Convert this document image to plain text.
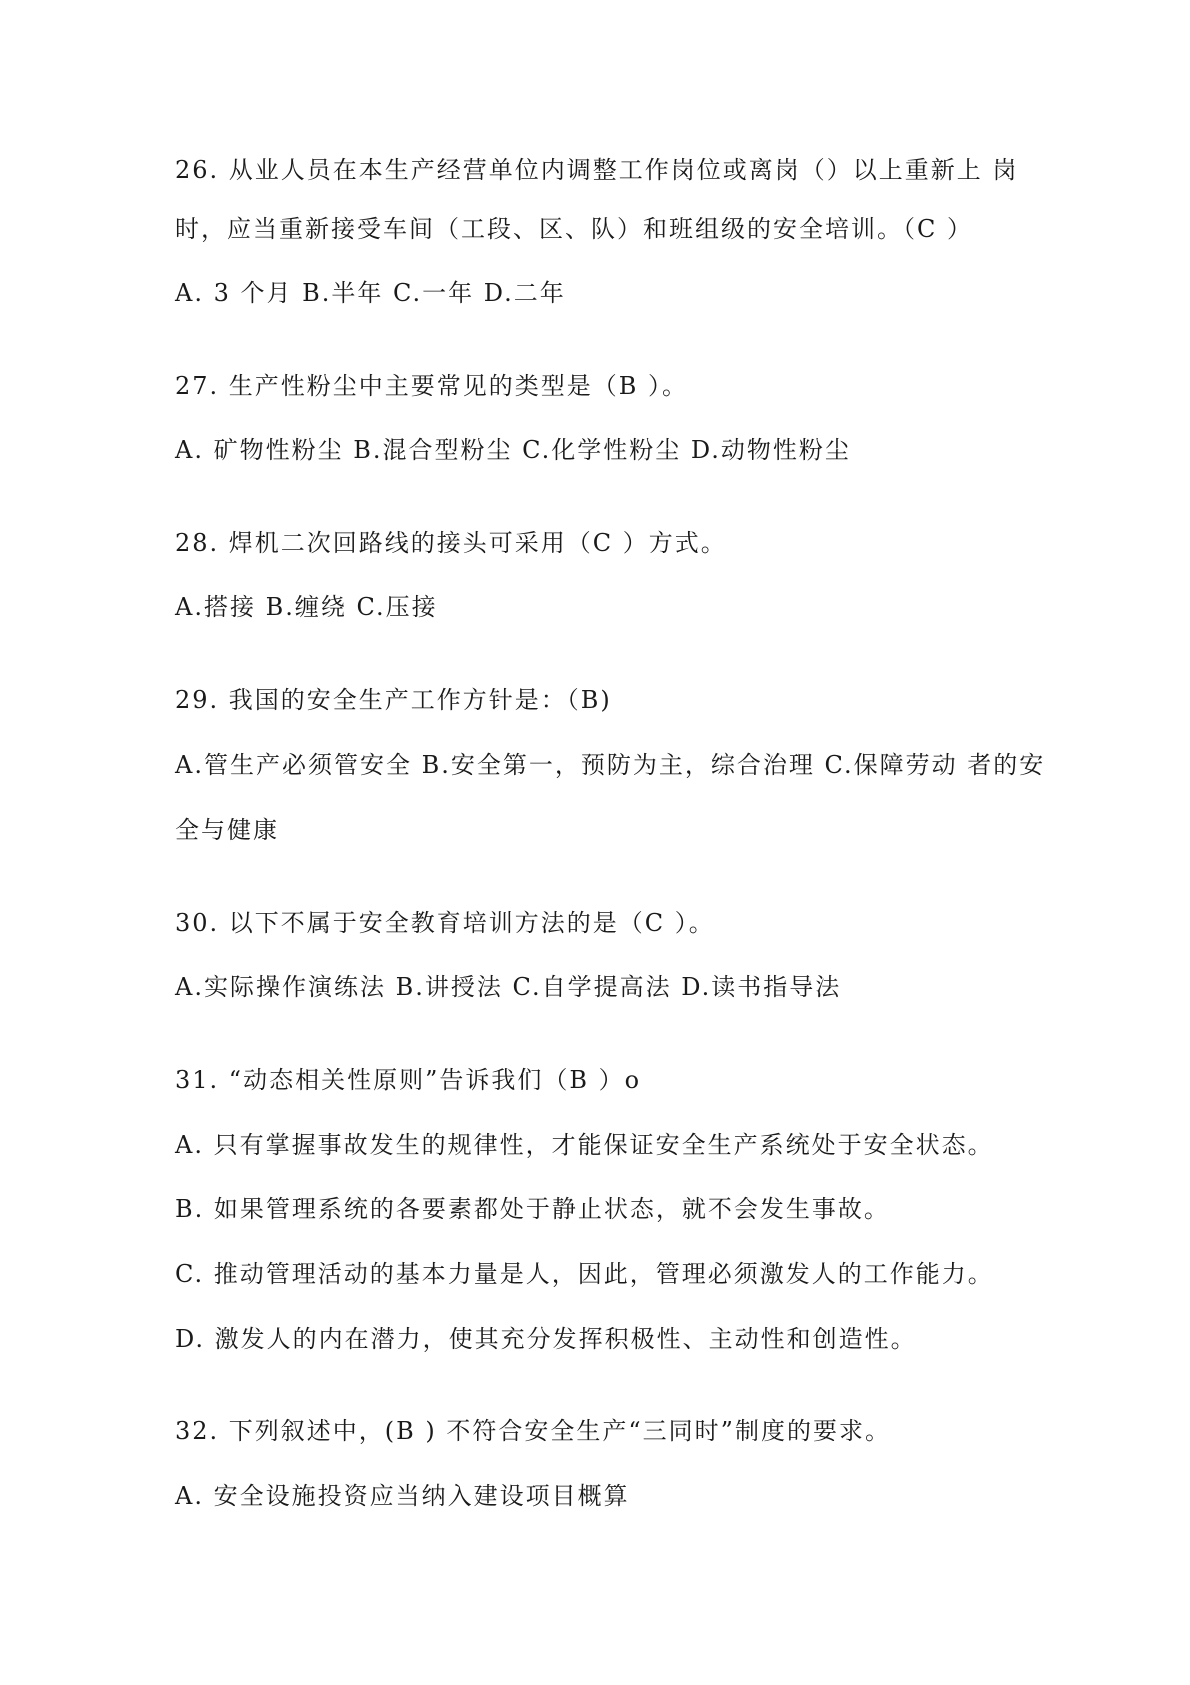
26. 从业人员在本生产经营单位内调整工作岗位或离岗（）以上重新上 岗
时，应当重新接受车间（工段、区、队）和班组级的安全培训。（C ）
A. 3 个月 B.半年 C.一年 D.二年
27. 生产性粉尘中主要常见的类型是（B ）。
A. 矿物性粉尘 B.混合型粉尘 C.化学性粉尘 D.动物性粉尘
28. 焊机二次回路线的接头可采用（C ）方式。
A.搭接 B.缠绕 C.压接
29. 我国的安全生产工作方针是：（B)
A.管生产必须管安全 B.安全第一，预防为主，综合治理 C.保障劳动 者的安
全与健康
30. 以下不属于安全教育培训方法的是（C ）。
A.实际操作演练法 B.讲授法 C.自学提高法 D.读书指导法
31. “动态相关性原则”告诉我们（B ）o
A. 只有掌握事故发生的规律性，才能保证安全生产系统处于安全状态。
B. 如果管理系统的各要素都处于静止状态，就不会发生事故。
C. 推动管理活动的基本力量是人，因此，管理必须激发人的工作能力。
D. 激发人的内在潜力，使其充分发挥积极性、主动性和创造性。
32. 下列叙述中，(B ) 不符合安全生产“三同时”制度的要求。
A. 安全设施投资应当纳入建设项目概算
